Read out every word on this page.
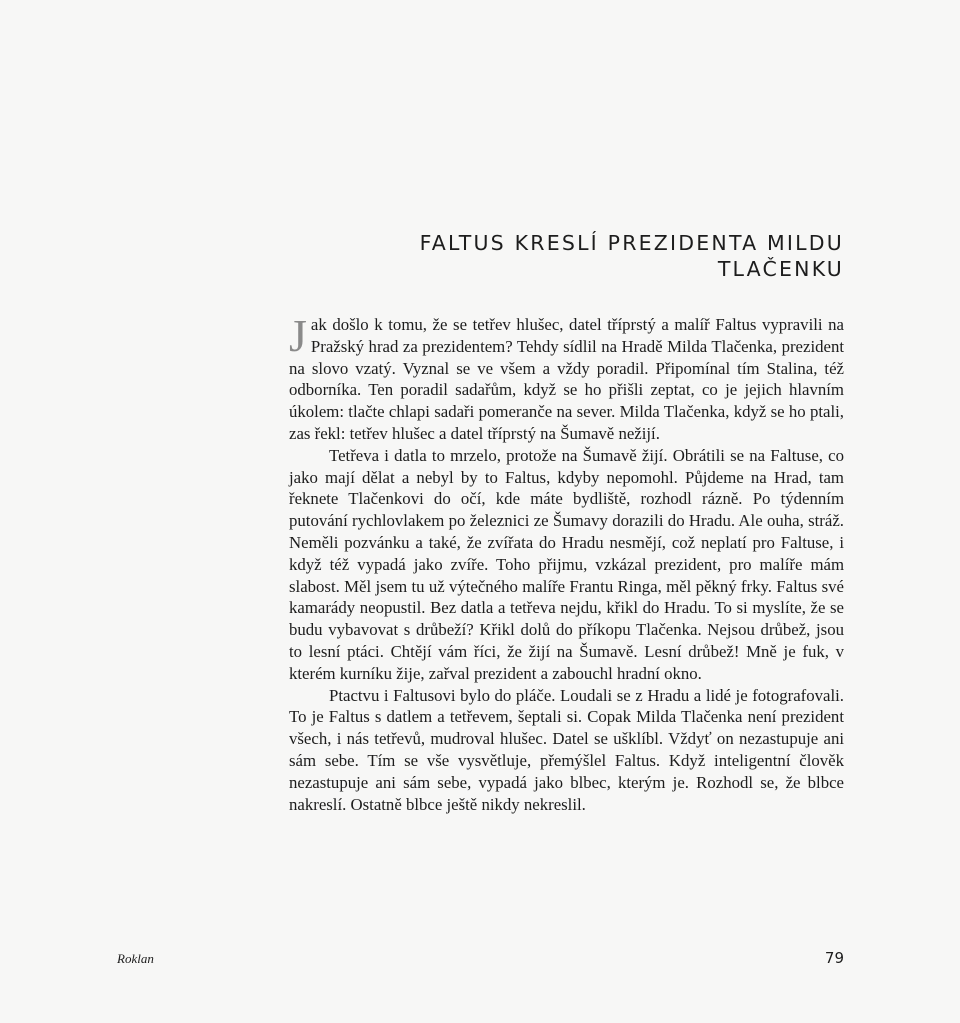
FALTUS KRESLÍ PREZIDENTA MILDU
TLAČENKU

Jak došlo k tomu, že se tetřev hlušec, datel tříprstý a malíř Faltus vypravili na Pražský hrad za prezidentem? Tehdy sídlil na Hradě Milda Tlačenka, prezident na slovo vzatý. Vyznal se ve všem a vždy poradil. Připomínal tím Stalina, též odborníka. Ten poradil sadařům, když se ho přišli zeptat, co je jejich hlavním úkolem: tlačte chlapi sadaři pomeranče na sever. Milda Tlačenka, když se ho ptali, zas řekl: tetřev hlušec a datel tříprstý na Šumavě nežijí.

Tetřeva i datla to mrzelo, protože na Šumavě žijí. Obrátili se na Faltuse, co jako mají dělat a nebyl by to Faltus, kdyby nepomohl. Půjdeme na Hrad, tam řeknete Tlačenkovi do očí, kde máte bydliště, rozhodl rázně. Po týdenním putování rychlovlakem po železnici ze Šumavy dorazili do Hradu. Ale ouha, stráž. Neměli pozvánku a také, že zvířata do Hradu nesmějí, což neplatí pro Faltuse, i když též vypadá jako zvíře. Toho přijmu, vzkázal prezident, pro malíře mám slabost. Měl jsem tu už výtečného malíře Frantu Ringa, měl pěkný frky. Faltus své kamarády neopustil. Bez datla a tetřeva nejdu, křikl do Hradu. To si myslíte, že se budu vybavovat s drůbeží? Křikl dolů do příkopu Tlačenka. Nejsou drůbež, jsou to lesní ptáci. Chtějí vám říci, že žijí na Šumavě. Lesní drůbež! Mně je fuk, v kterém kurníku žije, zařval prezident a zabouchl hradní okno.

Ptactvu i Faltusovi bylo do pláče. Loudali se z Hradu a lidé je fotografovali. To je Faltus s datlem a tetřevem, šeptali si. Copak Milda Tlačenka není prezident všech, i nás tetřevů, mudroval hlušec. Datel se ušklíbl. Vždyť on nezastupuje ani sám sebe. Tím se vše vysvětluje, přemýšlel Faltus. Když inteligentní člověk nezastupuje ani sám sebe, vypadá jako blbec, kterým je. Rozhodl se, že blbce nakreslí. Ostatně blbce ještě nikdy nekreslil.

Roklan	79
